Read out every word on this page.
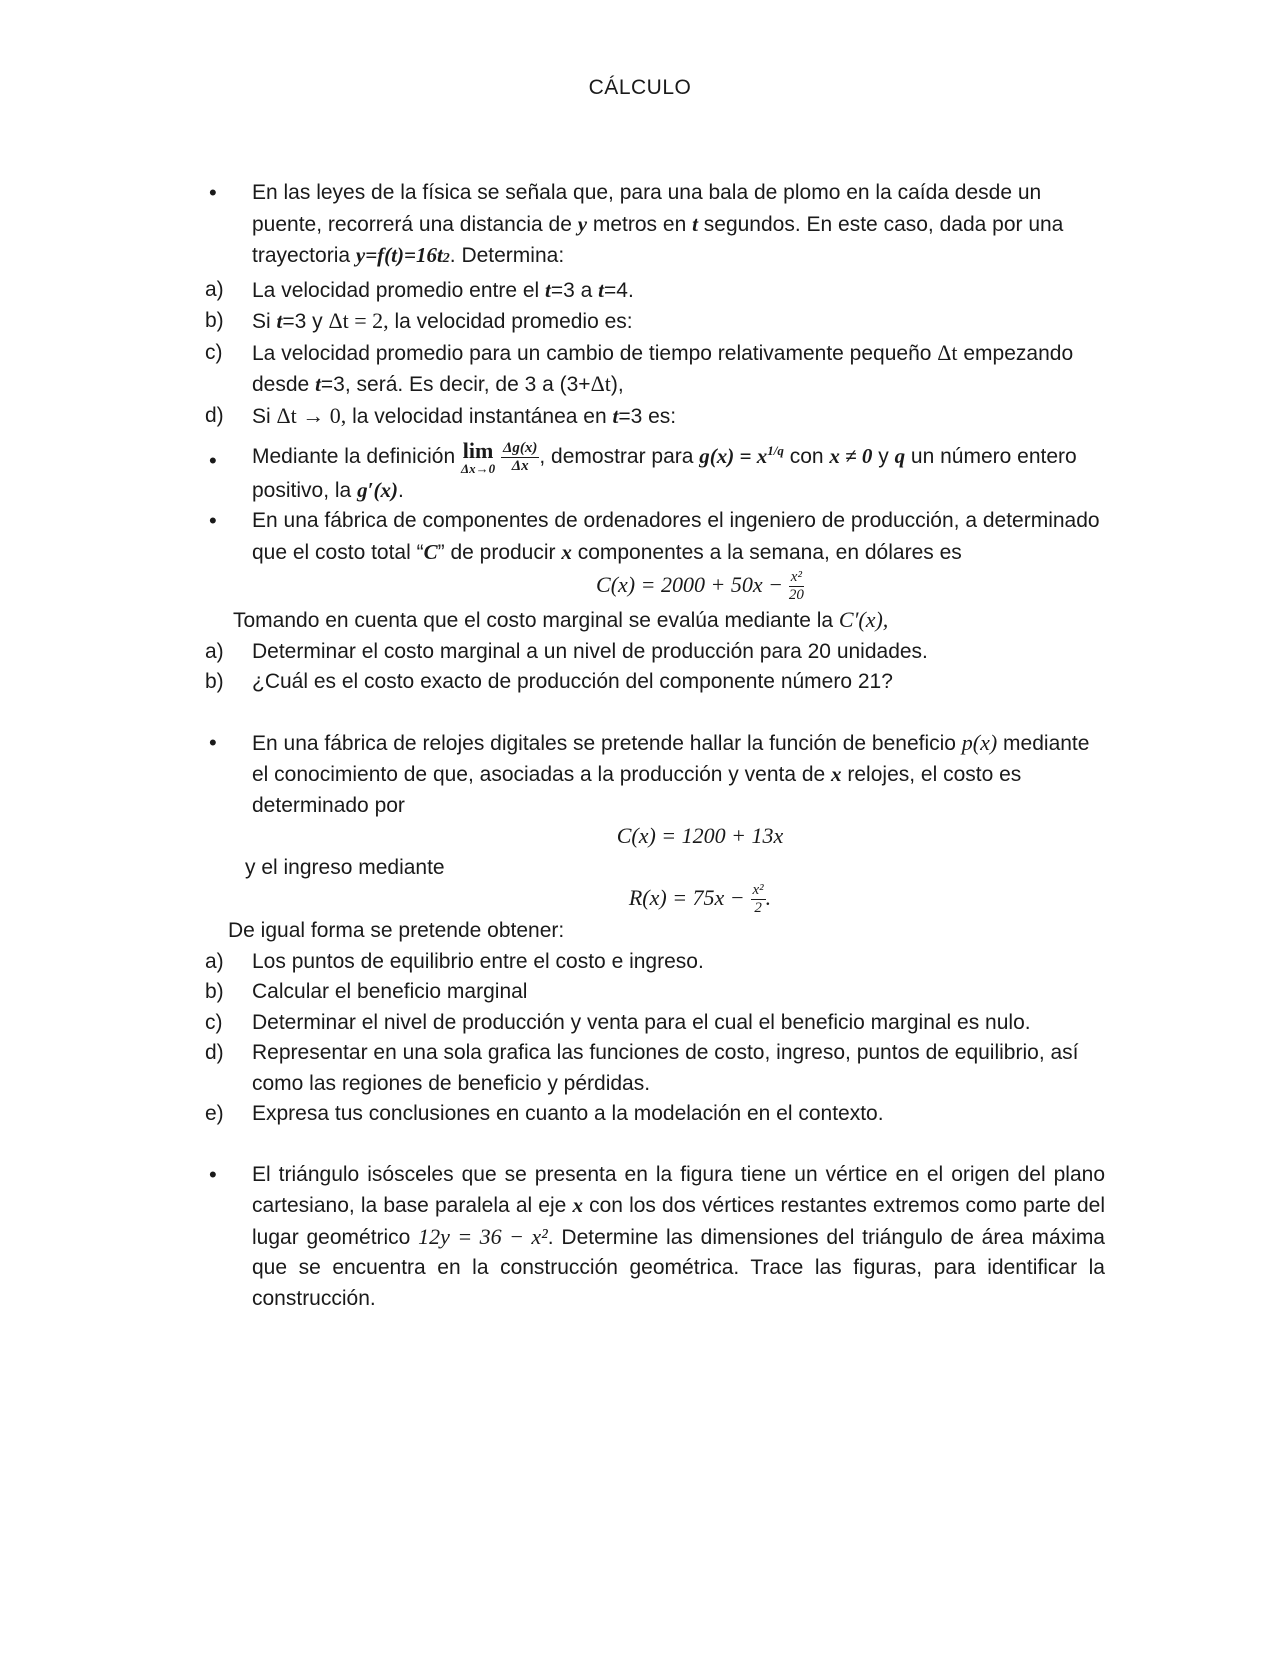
CÁLCULO
•	En las leyes de la física se señala que, para una bala de plomo en la caída desde un puente, recorrerá una distancia de y metros en t segundos. En este caso, dada por una trayectoria y=f(t)=16t2. Determina:
a)	La velocidad promedio entre el t=3 a t=4.
b)	Si t=3 y Δt = 2, la velocidad promedio es:
c)	La velocidad promedio para un cambio de tiempo relativamente pequeño Δt empezando desde t=3, será. Es decir, de 3 a (3+Δt),
d)	Si Δt → 0, la velocidad instantánea en t=3 es:
•	Mediante la definición lim
Δx→0
$\frac{\Delta g(x)}{\Delta x}$ , demostrar para $g(x) = x^{1/q}$ con x ≠ 0 y q un número entero positivo, la g′(x).
•	En una fábrica de componentes de ordenadores el ingeniero de producción, a determinado que el costo total “C” de producir x componentes a la semana, en dólares es
$C(x) = 2000 + 50x - \frac{\text{x²}}{20}$
Tomando en cuenta que el costo marginal se evalúa mediante la C′(x),
a)	Determinar el costo marginal a un nivel de producción para 20 unidades.
b)	¿Cuál es el costo exacto de producción del componente número 21?
•	En una fábrica de relojes digitales se pretende hallar la función de beneficio p(x) mediante el conocimiento de que, asociadas a la producción y venta de x relojes, el costo es determinado por
C(x) = 1200 + 13x
y el ingreso mediante
$R(x) = 75x - \frac{\text{x²}}{2}$ .
De igual forma se pretende obtener:
a)	Los puntos de equilibrio entre el costo e ingreso.
b)	Calcular el beneficio marginal
c)	Determinar el nivel de producción y venta para el cual el beneficio marginal es nulo.
d)	Representar en una sola grafica las funciones de costo, ingreso, puntos de equilibrio, así como las regiones de beneficio y pérdidas.
e)	Expresa tus conclusiones en cuanto a la modelación en el contexto.
•	El triángulo isósceles que se presenta en la figura tiene un vértice en el origen del plano cartesiano, la base paralela al eje x con los dos vértices restantes extremos como parte del lugar geométrico 12y = 36 − x². Determine las dimensiones del triángulo de área máxima que se encuentra en la construcción geométrica. Trace las figuras, para identificar la construcción.
